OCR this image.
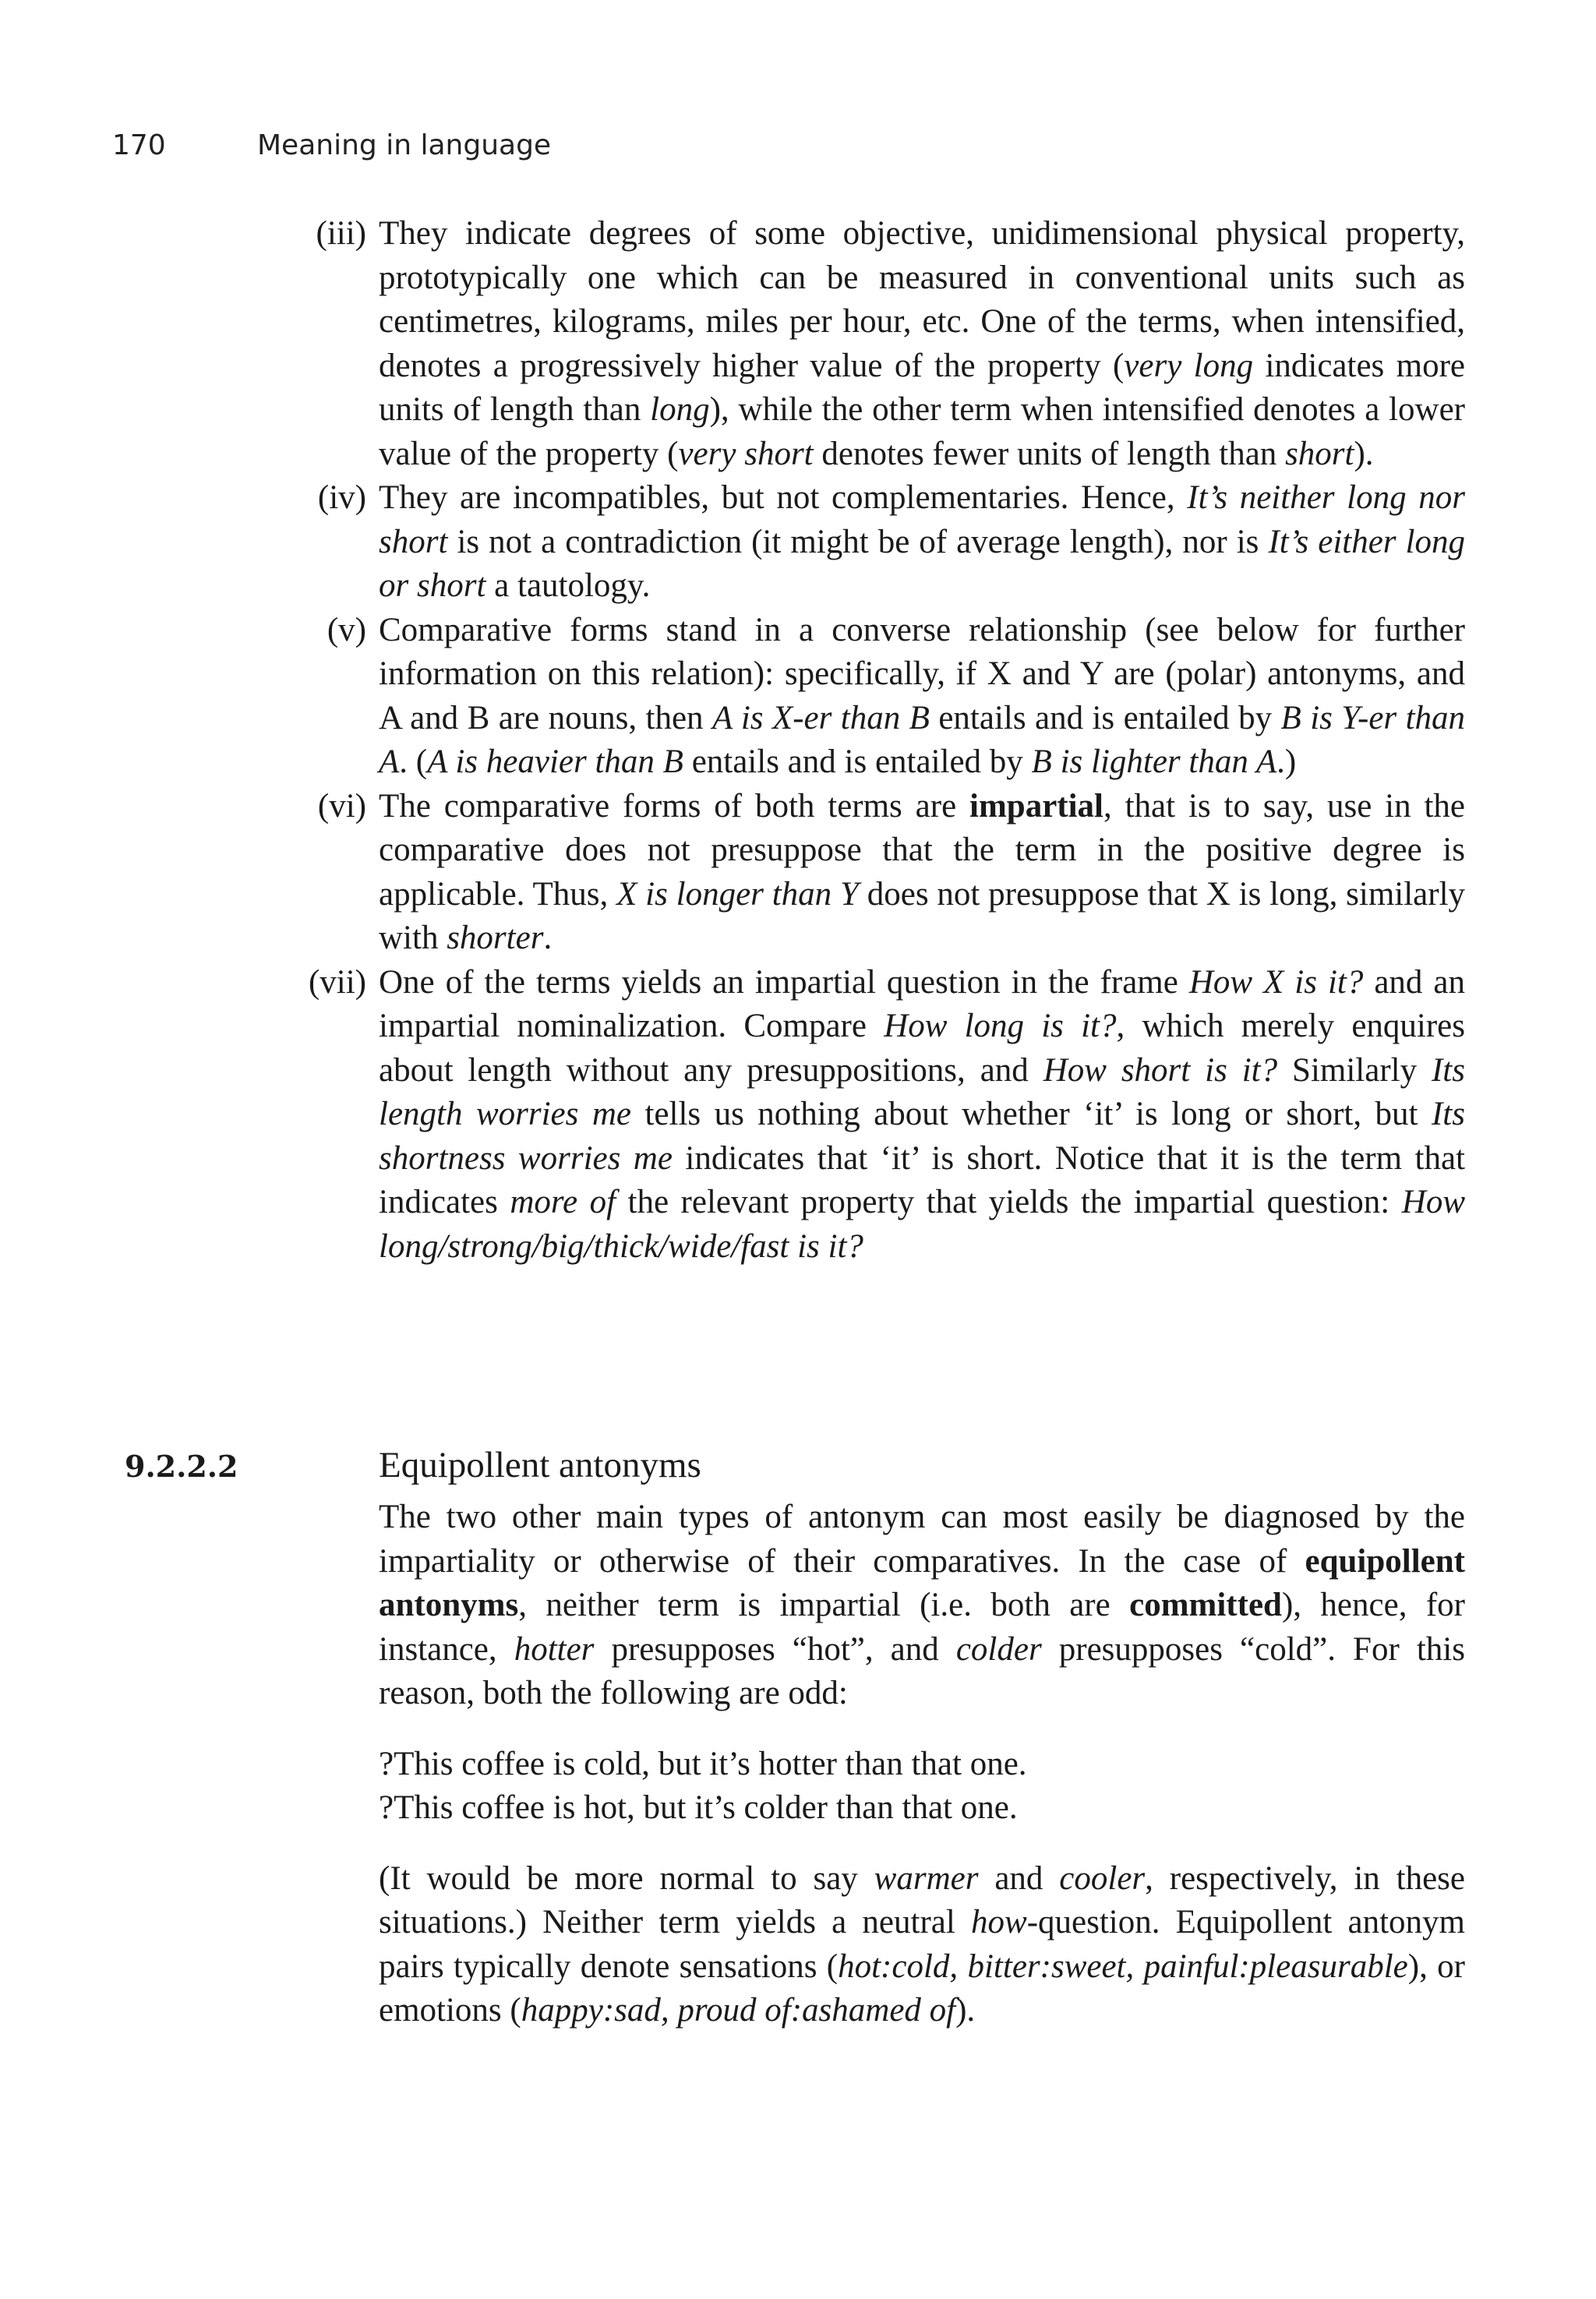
170	Meaning in language
(iii) They indicate degrees of some objective, unidimensional physical property, prototypically one which can be measured in conventional units such as centimetres, kilograms, miles per hour, etc. One of the terms, when intensified, denotes a progressively higher value of the property (very long indicates more units of length than long), while the other term when intensified denotes a lower value of the property (very short denotes fewer units of length than short).

(iv) They are incompatibles, but not complementaries. Hence, It’s neither long nor short is not a contradiction (it might be of average length), nor is It’s either long or short a tautology.

(v) Comparative forms stand in a converse relationship (see below for further information on this relation): specifically, if X and Y are (polar) antonyms, and A and B are nouns, then A is X-er than B entails and is entailed by B is Y-er than A. (A is heavier than B entails and is entailed by B is lighter than A.)

(vi) The comparative forms of both terms are impartial, that is to say, use in the comparative does not presuppose that the term in the positive degree is applicable. Thus, X is longer than Y does not presuppose that X is long, similarly with shorter.

(vii) One of the terms yields an impartial question in the frame How X is it? and an impartial nominalization. Compare How long is it?, which merely enquires about length without any presuppositions, and How short is it? Similarly Its length worries me tells us nothing about whether ‘it’ is long or short, but Its shortness worries me indicates that ‘it’ is short. Notice that it is the term that indicates more of the relevant property that yields the impartial question: How long/strong/big/thick/wide/fast is it?

9.2.2.2	Equipollent antonyms

The two other main types of antonym can most easily be diagnosed by the impartiality or otherwise of their comparatives. In the case of equipollent antonyms, neither term is impartial (i.e. both are committed), hence, for instance, hotter presupposes “hot”, and colder presupposes “cold”. For this reason, both the following are odd:

?This coffee is cold, but it’s hotter than that one.

?This coffee is hot, but it’s colder than that one.

(It would be more normal to say warmer and cooler, respectively, in these situations.) Neither term yields a neutral how-question. Equipollent antonym pairs typically denote sensations (hot:cold, bitter:sweet, painful:pleasurable), or emotions (happy:sad, proud of:ashamed of).
